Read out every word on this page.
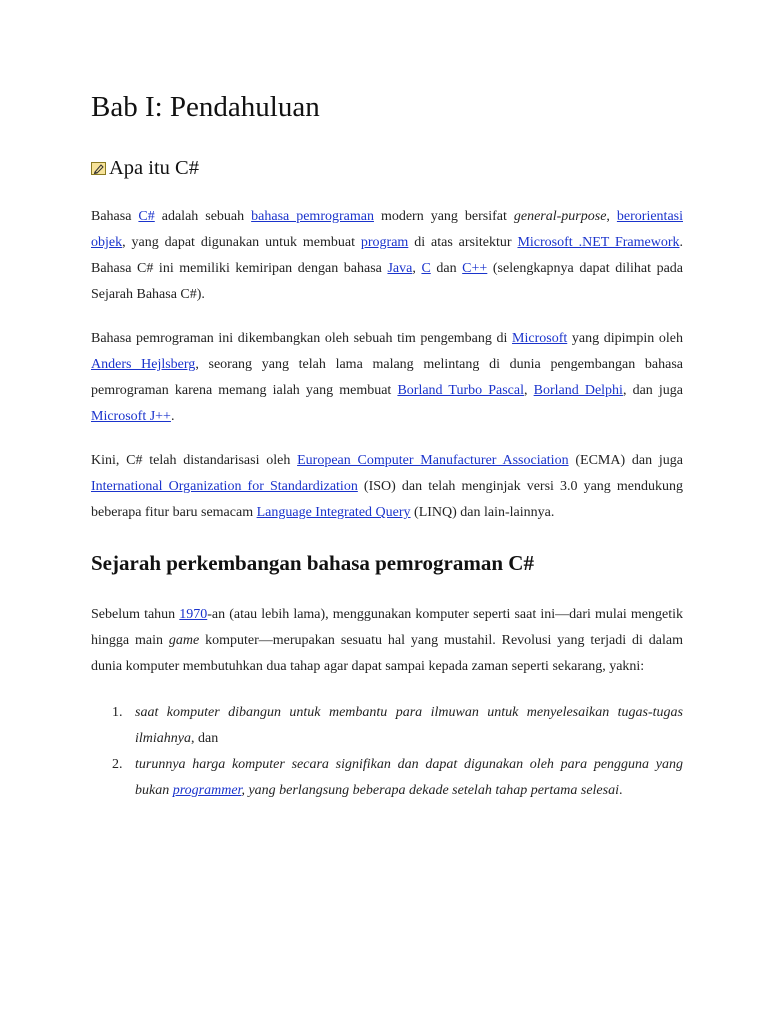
Bab I: Pendahuluan
Apa itu C#

Bahasa C# adalah sebuah bahasa pemrograman modern yang bersifat general-purpose, berorientasi objek, yang dapat digunakan untuk membuat program di atas arsitektur Microsoft .NET Framework. Bahasa C# ini memiliki kemiripan dengan bahasa Java, C dan C++ (selengkapnya dapat dilihat pada Sejarah Bahasa C#).

Bahasa pemrograman ini dikembangkan oleh sebuah tim pengembang di Microsoft yang dipimpin oleh Anders Hejlsberg, seorang yang telah lama malang melintang di dunia pengembangan bahasa pemrograman karena memang ialah yang membuat Borland Turbo Pascal, Borland Delphi, dan juga Microsoft J++.

Kini, C# telah distandarisasi oleh European Computer Manufacturer Association (ECMA) dan juga International Organization for Standardization (ISO) dan telah menginjak versi 3.0 yang mendukung beberapa fitur baru semacam Language Integrated Query (LINQ) dan lain-lainnya.

Sejarah perkembangan bahasa pemrograman C#

Sebelum tahun 1970-an (atau lebih lama), menggunakan komputer seperti saat ini—dari mulai mengetik hingga main game komputer—merupakan sesuatu hal yang mustahil. Revolusi yang terjadi di dalam dunia komputer membutuhkan dua tahap agar dapat sampai kepada zaman seperti sekarang, yakni:

1. saat komputer dibangun untuk membantu para ilmuwan untuk menyelesaikan tugas-tugas ilmiahnya, dan
2. turunnya harga komputer secara signifikan dan dapat digunakan oleh para pengguna yang bukan programmer, yang berlangsung beberapa dekade setelah tahap pertama selesai.
